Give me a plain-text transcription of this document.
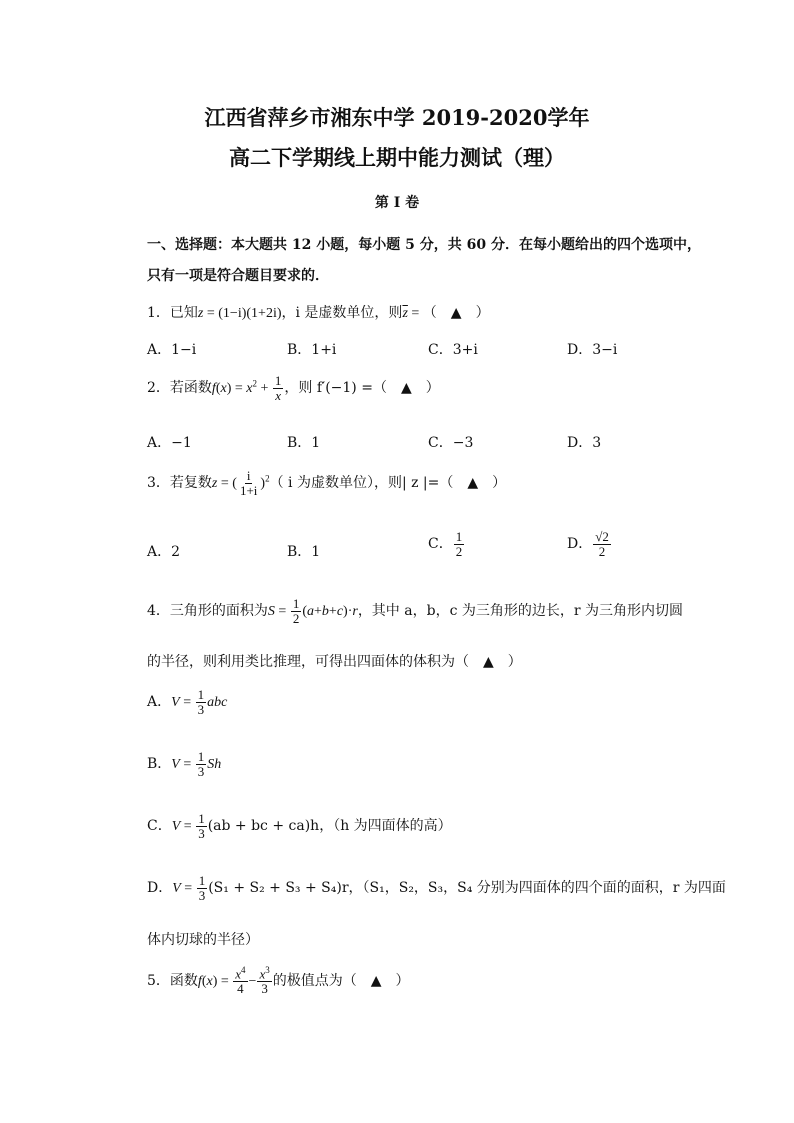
江西省萍乡市湘东中学 2019-2020学年
高二下学期线上期中能力测试（理）
第 I 卷
一、选择题：本大题共 12 小题，每小题 5 分，共 60 分．在每小题给出的四个选项中，
只有一项是符合题目要求的．
1．已知z = (1−i)(1+2i)，i 是虚数单位，则$\overline{z}$ = （　▲　）
A．1−i	B．1+i	C．3+i	D．3−i
2．若函数$f(x) = x^2 + \frac{1}{x}$ ，则 f′(−1) =（　▲　）
A．−1	B．1	C．−3	D．3
3．若复数z = ( $\frac{i}{1+i} )^2$（ i 为虚数单位），则| z |=（　▲　）
A．2	B．1	C． $\frac{1}{2}$	D． $\frac{√2}{2}$
4．三角形的面积为$S = \frac{1}{2} (a+b+c)\cdot r$，其中 a，b，c 为三角形的边长，r 为三角形内切圆
的半径，则利用类比推理，可得出四面体的体积为（　▲　）
A．$V = \frac{1}{3}$ abc
B．$V = \frac{1}{3}$ Sh
C．$V = \frac{1}{3} (ab$ + bc + ca)h，（h 为四面体的高）
D．$V = \frac{1}{3} (S_1 + S_2 + S_3 + S_4)r$，（S₁，S₂，S₃，S₄ 分别为四面体的四个面的面积，r 为四面
体内切球的半径）
5．函数$f(x) = \frac{x^4}{4} - \frac{x^3}{3}$ 的极值点为（　▲　）
